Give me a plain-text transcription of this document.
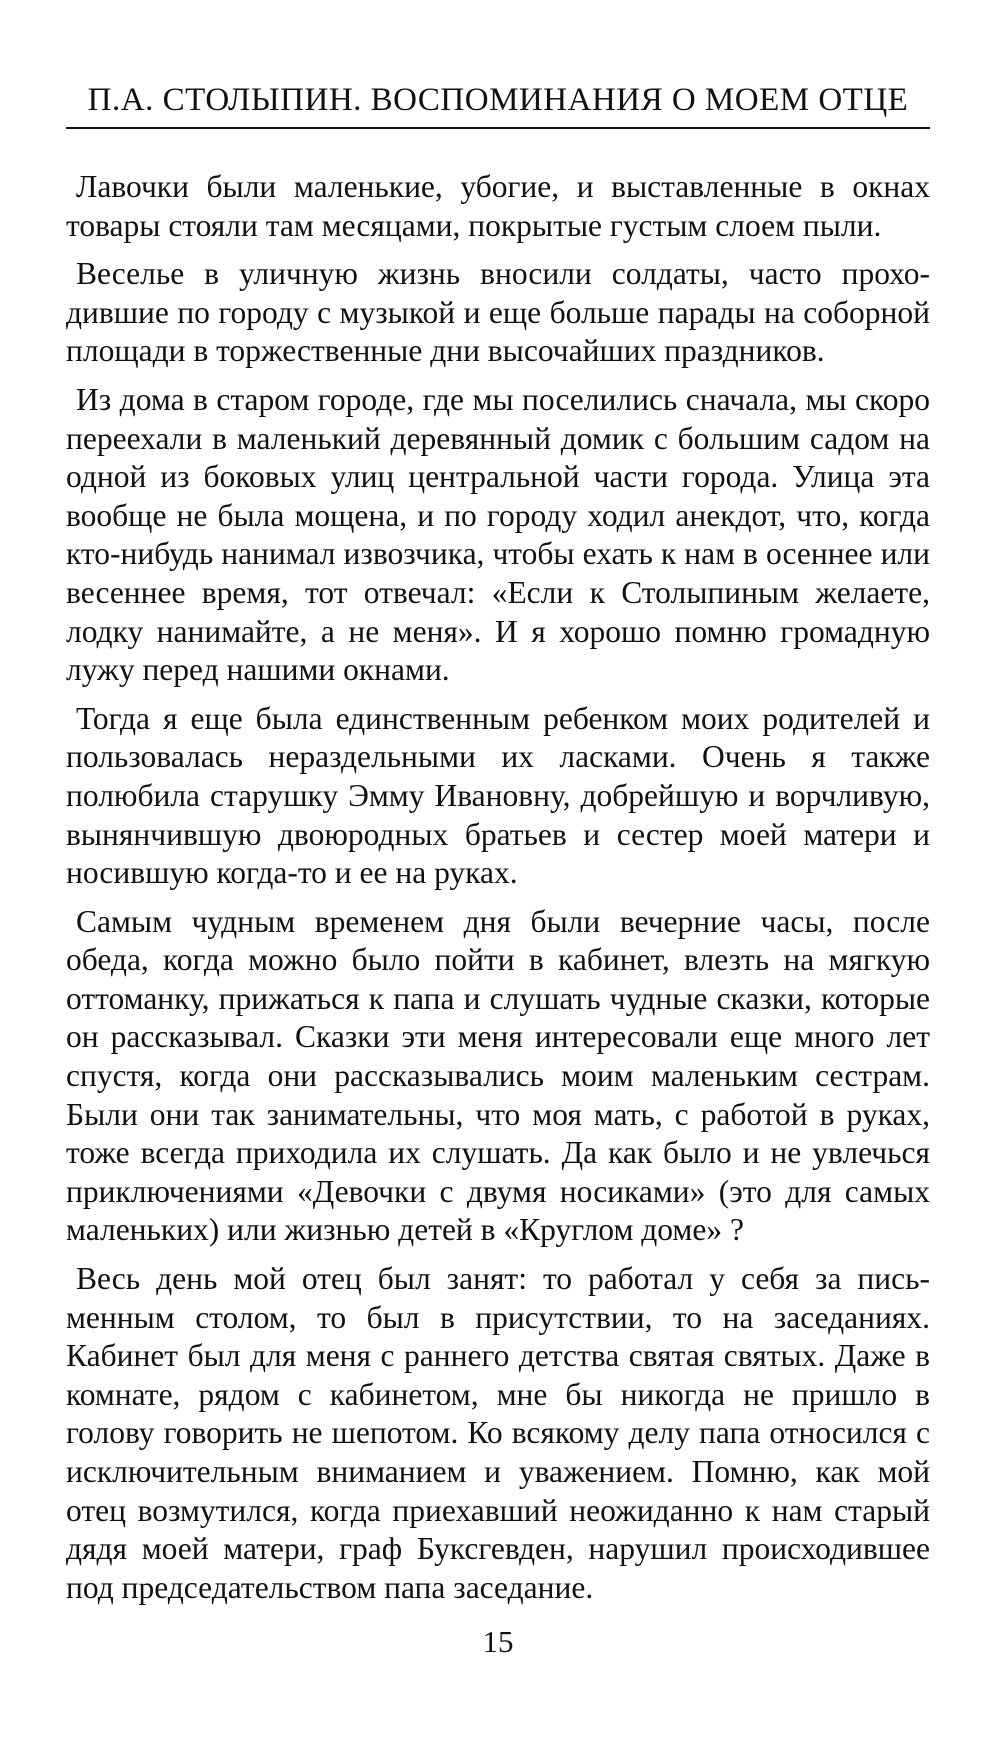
П.А. СТОЛЫПИН. ВОСПОМИНАНИЯ О МОЕМ ОТЦЕ

Лавочки были маленькие, убогие, и выставленные в окнах товары стояли там месяцами, покрытые густым слоем пыли.

Веселье в уличную жизнь вносили солдаты, часто проходившие по городу с музыкой и еще больше парады на соборной площади в торжественные дни высочайших праздников.

Из дома в старом городе, где мы поселились сначала, мы скоро переехали в маленький деревянный домик с большим садом на одной из боковых улиц центральной части города. Улица эта вообще не была мощена, и по городу ходил анекдот, что, когда кто-нибудь нанимал извозчика, чтобы ехать к нам в осеннее или весеннее время, тот отвечал: «Если к Столыпиным желаете, лодку нанимайте, а не меня». И я хорошо помню громадную лужу перед нашими окнами.

Тогда я еще была единственным ребенком моих родителей и пользовалась нераздельными их ласками. Очень я также полюбила старушку Эмму Ивановну, добрейшую и ворчливую, вынянчившую двоюродных братьев и сестер моей матери и носившую когда-то и ее на руках.

Самым чудным временем дня были вечерние часы, после обеда, когда можно было пойти в кабинет, влезть на мягкую оттоманку, прижаться к папа и слушать чудные сказки, которые он рассказывал. Сказки эти меня интересовали еще много лет спустя, когда они рассказывались моим маленьким сестрам. Были они так занимательны, что моя мать, с работой в руках, тоже всегда приходила их слушать. Да как было и не увлечься приключениями «Девочки с двумя носиками» (это для самых маленьких) или жизнью детей в «Круглом доме» ?

Весь день мой отец был занят: то работал у себя за письменным столом, то был в присутствии, то на заседаниях. Кабинет был для меня с раннего детства святая святых. Даже в комнате, рядом с кабинетом, мне бы никогда не пришло в голову говорить не шепотом. Ко всякому делу папа относился с исключительным вниманием и уважением. Помню, как мой отец возмутился, когда приехавший неожиданно к нам старый дядя моей матери, граф Буксгевден, нарушил происходившее под председательством папа заседание.

15
